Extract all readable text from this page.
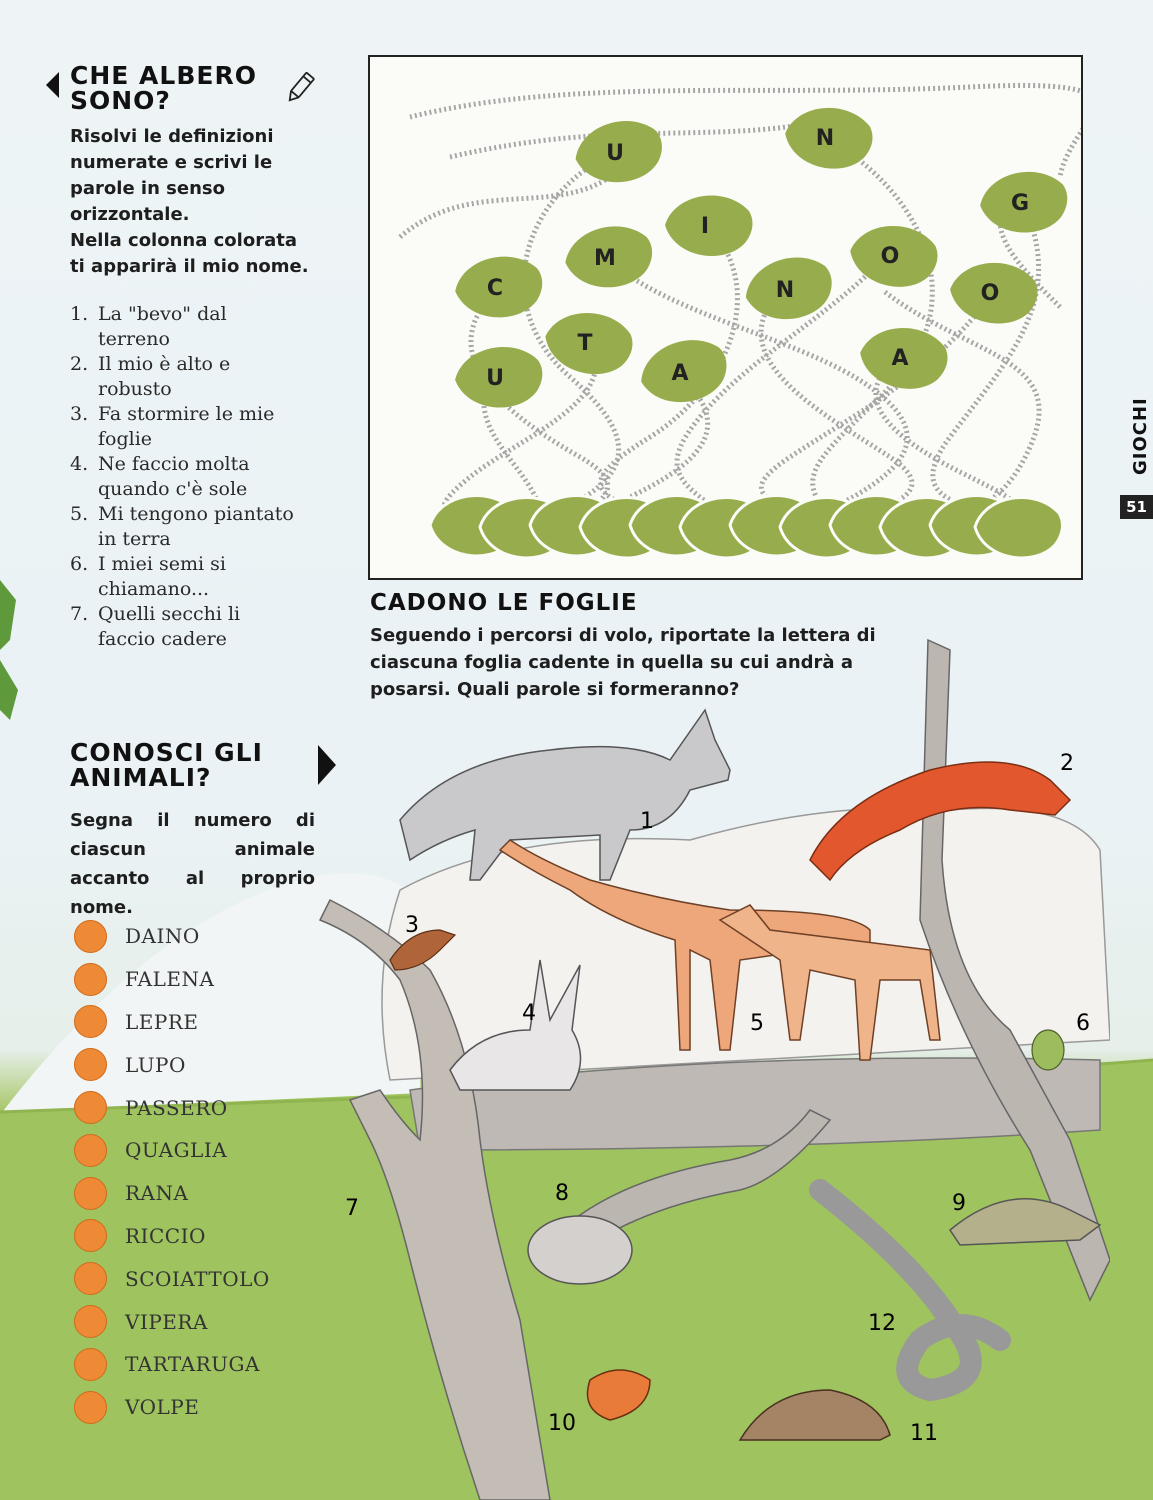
CHE ALBERO
SONO?
Risolvi le definizioni numerate e scrivi le parole in senso orizzontale.
Nella colonna colorata ti apparirà il mio nome.
1. La "bevo" dal terreno
2. Il mio è alto e robusto
3. Fa stormire le mie foglie
4. Ne faccio molta quando c'è sole
5. Mi tengono piantato in terra
6. I miei semi si chiamano...
7. Quelli secchi li faccio cadere
U
N
G
I
M	O
C	N	O
T
U	A
A
CADONO LE FOGLIE
Seguendo i percorsi di volo, riportate la lettera di ciascuna foglia cadente in quella su cui andrà a posarsi. Quali parole si formeranno?
GIOCHI
51
CONOSCI GLI
ANIMALI?
Segna il numero di ciascun animale accanto al proprio nome.
DAINO
FALENA
LEPRE
LUPO
PASSERO
QUAGLIA
RANA
RICCIO
SCOIATTOLO
VIPERA
TARTARUGA
VOLPE
1
2
3
4	5	6
7
8	9
10	11
12
